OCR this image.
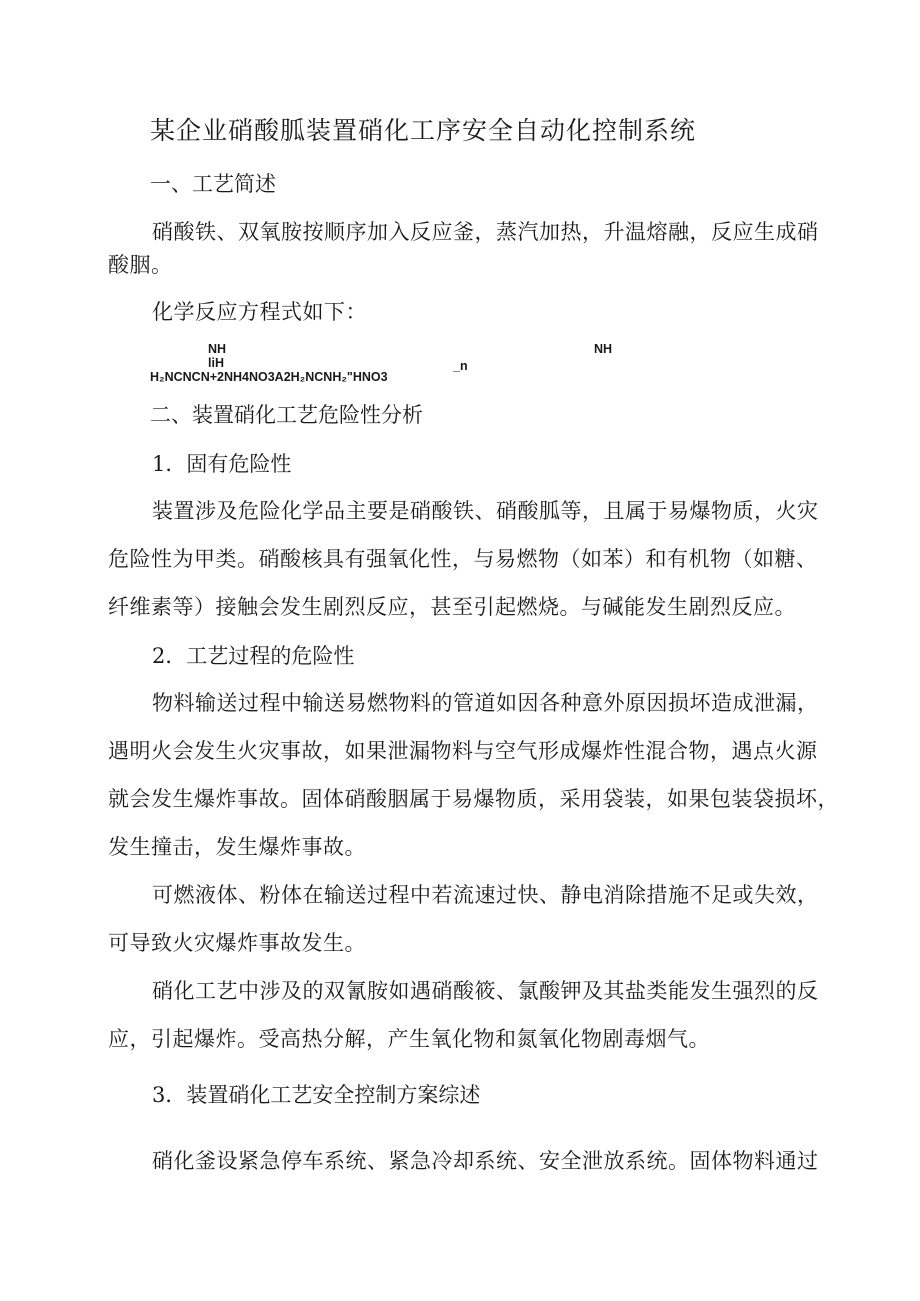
某企业硝酸胍装置硝化工序安全自动化控制系统
一、工艺简述
硝酸铁、双氧胺按顺序加入反应釜，蒸汽加热，升温熔融，反应生成硝
酸胭。
化学反应方程式如下：
NH
liH
H₂NCNCN+2NH4NO3A2H₂NCNH₂"HNO3
_n
NH
二、装置硝化工艺危险性分析
1．固有危险性
装置涉及危险化学品主要是硝酸铁、硝酸胍等，且属于易爆物质，火灾
危险性为甲类。硝酸核具有强氧化性，与易燃物（如苯）和有机物（如糖、
纤维素等）接触会发生剧烈反应，甚至引起燃烧。与碱能发生剧烈反应。
2．工艺过程的危险性
物料输送过程中输送易燃物料的管道如因各种意外原因损坏造成泄漏，
遇明火会发生火灾事故，如果泄漏物料与空气形成爆炸性混合物，遇点火源
就会发生爆炸事故。固体硝酸胭属于易爆物质，采用袋装，如果包装袋损坏，
发生撞击，发生爆炸事故。
可燃液体、粉体在输送过程中若流速过快、静电消除措施不足或失效，
可导致火灾爆炸事故发生。
硝化工艺中涉及的双氰胺如遇硝酸筱、氯酸钾及其盐类能发生强烈的反
应，引起爆炸。受高热分解，产生氧化物和氮氧化物剧毒烟气。
3．装置硝化工艺安全控制方案综述
硝化釜设紧急停车系统、紧急冷却系统、安全泄放系统。固体物料通过
